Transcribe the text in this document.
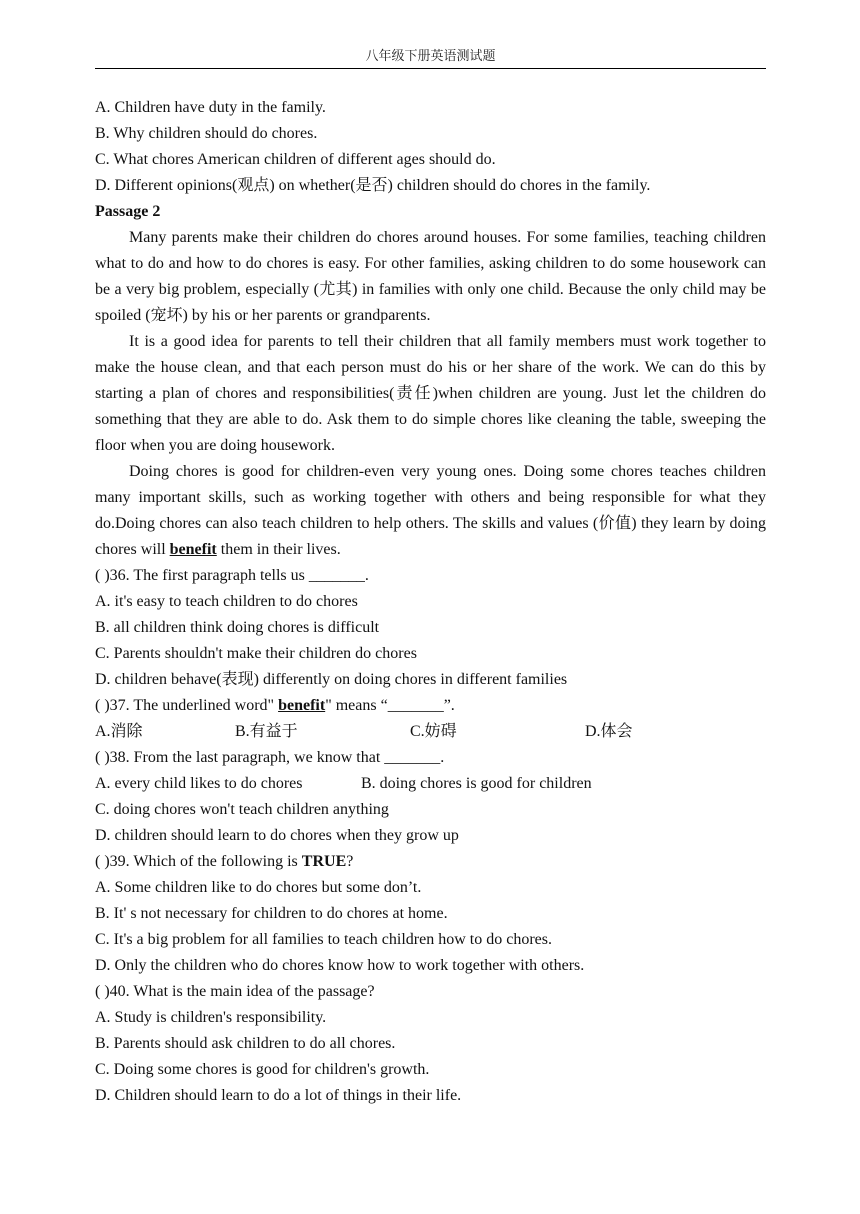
八年级下册英语测试题

A. Children have duty in the family.

B. Why children should do chores.

C. What chores American children of different ages should do.

D. Different opinions(观点) on whether(是否) children should do chores in the family.

Passage 2

Many parents make their children do chores around houses. For some families, teaching children what to do and how to do chores is easy. For other families, asking children to do some housework can be a very big problem, especially (尤其) in families with only one child. Because the only child may be spoiled (宠坏) by his or her parents or grandparents.

It is a good idea for parents to tell their children that all family members must work together to make the house clean, and that each person must do his or her share of the work. We can do this by starting a plan of chores and responsibilities(责任)when children are young. Just let the children do something that they are able to do. Ask them to do simple chores like cleaning the table, sweeping the floor when you are doing housework.

Doing chores is good for children-even very young ones. Doing some chores teaches children many important skills, such as working together with others and being responsible for what they do.Doing chores can also teach children to help others. The skills and values (价值) they learn by doing chores will benefit them in their lives.

( )36. The first paragraph tells us _______.

A. it's easy to teach children to do chores

B. all children think doing chores is difficult

C. Parents shouldn't make their children do chores

D. children behave(表现) differently on doing chores in different families

( )37. The underlined word" benefit" means “_______”.

A.消除	B.有益于	C.妨碍	D.体会

( )38. From the last paragraph, we know that _______.

A. every child likes to do chores	B. doing chores is good for children

C. doing chores won't teach children anything

D. children should learn to do chores when they grow up

( )39. Which of the following is TRUE?

A. Some children like to do chores but some don’t.

B. It' s not necessary for children to do chores at home.

C. It's a big problem for all families to teach children how to do chores.

D. Only the children who do chores know how to work together with others.

( )40. What is the main idea of the passage?

A. Study is children's responsibility.

B. Parents should ask children to do all chores.

C. Doing some chores is good for children's growth.

D. Children should learn to do a lot of things in their life.
